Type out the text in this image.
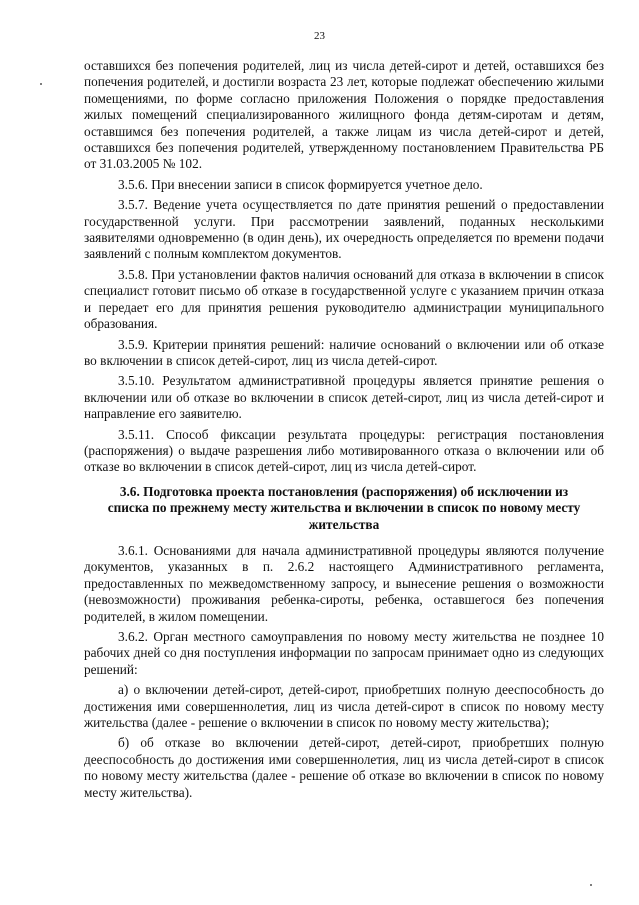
23

оставшихся без попечения родителей, лиц из числа детей-сирот и детей, оставшихся без попечения родителей, и достигли возраста 23 лет, которые подлежат обеспечению жилыми помещениями, по форме согласно приложения Положения о порядке предоставления жилых помещений специализированного жилищного фонда детям-сиротам и детям, оставшимся без попечения родителей, а также лицам из числа детей-сирот и детей, оставшихся без попечения родителей, утвержденному постановлением Правительства РБ от 31.03.2005 № 102.

3.5.6. При внесении записи в список формируется учетное дело.

3.5.7. Ведение учета осуществляется по дате принятия решений о предоставлении государственной услуги. При рассмотрении заявлений, поданных несколькими заявителями одновременно (в один день), их очередность определяется по времени подачи заявлений с полным комплектом документов.

3.5.8. При установлении фактов наличия оснований для отказа в включении в список специалист готовит письмо об отказе в государственной услуге с указанием причин отказа и передает его для принятия решения руководителю администрации муниципального образования.

3.5.9. Критерии принятия решений: наличие оснований о включении или об отказе во включении в список детей-сирот, лиц из числа детей-сирот.

3.5.10. Результатом административной процедуры является принятие решения о включении или об отказе во включении в список детей-сирот, лиц из числа детей-сирот и направление его заявителю.

3.5.11. Способ фиксации результата процедуры: регистрация постановления (распоряжения) о выдаче разрешения либо мотивированного отказа о включении или об отказе во включении в список детей-сирот, лиц из числа детей-сирот.

3.6. Подготовка проекта постановления (распоряжения) об исключении из списка по прежнему месту жительства и включении в список по новому месту жительства

3.6.1. Основаниями для начала административной процедуры являются получение документов, указанных в п. 2.6.2 настоящего Административного регламента, предоставленных по межведомственному запросу, и вынесение решения о возможности (невозможности) проживания ребенка-сироты, ребенка, оставшегося без попечения родителей, в жилом помещении.

3.6.2. Орган местного самоуправления по новому месту жительства не позднее 10 рабочих дней со дня поступления информации по запросам принимает одно из следующих решений:

а) о включении детей-сирот, детей-сирот, приобретших полную дееспособность до достижения ими совершеннолетия, лиц из числа детей-сирот в список по новому месту жительства (далее - решение о включении в список по новому месту жительства);

б) об отказе во включении детей-сирот, детей-сирот, приобретших полную дееспособность до достижения ими совершеннолетия, лиц из числа детей-сирот в список по новому месту жительства (далее - решение об отказе во включении в список по новому месту жительства).
